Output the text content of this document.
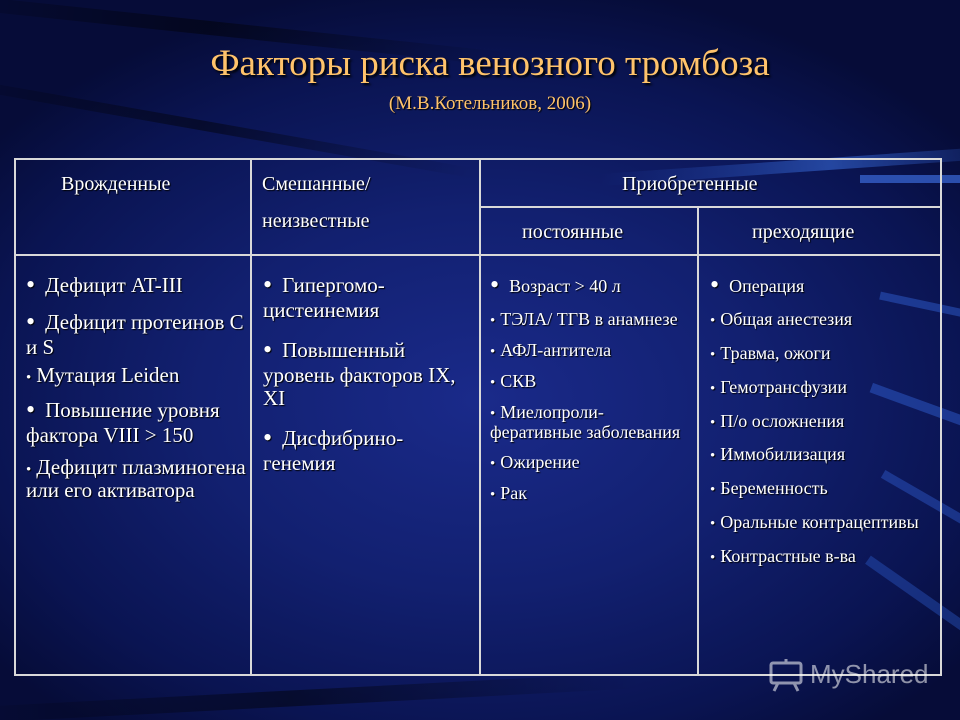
Факторы риска венозного тромбоза
(М.В.Котельников, 2006)
Врожденные	Смешанные/
неизвестные
Приобретенные
постоянные	преходящие
• Дефицит AT-III
• Дефицит протеинов С и S
• Мутация Leiden
• Повышение уровня фактора VIII > 150
• Дефицит плазминогена или его активатора
• Гипергомо-цистеинемия
• Повышенный уровень факторов IX, XI
• Дисфибрино-генемия
• Возраст > 40 л
• ТЭЛА/ ТГВ в анамнезе
• АФЛ-антитела
• СКВ
• Миелопроли-феративные заболевания
• Ожирение
• Рак
• Операция
• Общая анестезия
• Травма, ожоги
• Гемотрансфузии
• П/о осложнения
• Иммобилизация
• Беременность
• Оральные контрацептивы
• Контрастные в-ва
MyShared
